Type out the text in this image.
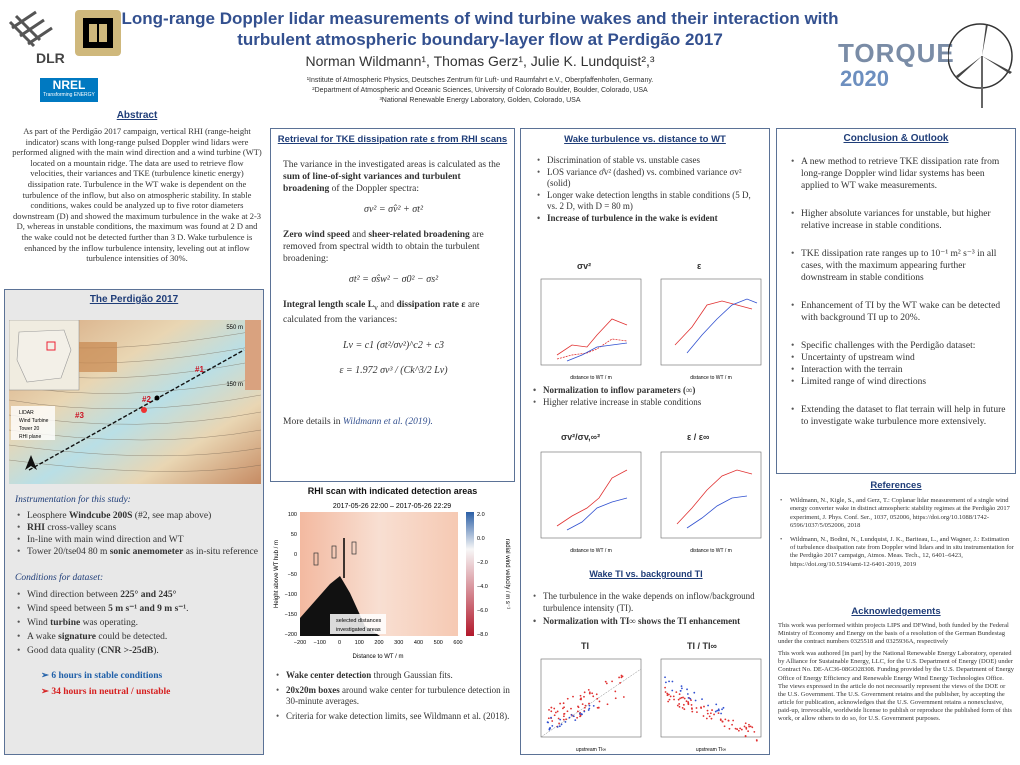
DLR
NREL
Transforming ENERGY
Long-range Doppler lidar measurements of wind turbine wakes and their interaction with
turbulent atmospheric boundary-layer flow at Perdigão 2017
Norman Wildmann¹, Thomas Gerz¹, Julie K. Lundquist²,³
¹Institute of Atmospheric Physics, Deutsches Zentrum für Luft- und Raumfahrt e.V., Oberpfaffenhofen, Germany.
²Department of Atmospheric and Oceanic Sciences, University of Colorado Boulder, Boulder, Colorado, USA
³National Renewable Energy Laboratory, Golden, Colorado, USA
TORQUE
2020
Abstract
As part of the Perdigão 2017 campaign, vertical RHI (range-height indicator) scans with long-range pulsed Doppler wind lidars were performed aligned with the main wind direction and a wind turbine (WT) located on a mountain ridge. The data are used to retrieve flow velocities, their variances and TKE (turbulence kinetic energy) dissipation rate. Turbulence in the WT wake is dependent on the turbulence of the inflow, but also on atmospheric stability. In stable conditions, wakes could be analyzed up to five rotor diameters downstream (D) and showed the maximum turbulence in the wake at 2-3 D, whereas in unstable conditions, the maximum was found at 2 D and the wake could not be detected further than 3 D. Wake turbulence is enhanced by the inflow turbulence intensity, leveling out at inflow turbulence intensities of 30%.
The Perdigão 2017
#1
#2
#3
550 m
150 m
LIDAR
Wind Turbine
Tower 20
RHI plane
Instrumentation for this study:
• Leosphere Windcube 200S (#2, see map above)
• RHI cross-valley scans
• In-line with main wind direction and WT
• Tower 20/tse04 80 m sonic anemometer as in-situ reference
Conditions for dataset:
• Wind direction between 225° and 245°
• Wind speed between 5 m s⁻¹ and 9 m s⁻¹.
• Wind turbine was operating.
• A wake signature could be detected.
• Good data quality (CNR >-25dB).
➢ 6 hours in stable conditions
➢ 34 hours in neutral / unstable
Retrieval for TKE dissipation rate ε from RHI scans

The variance in the investigated areas is calculated as the sum of line-of-sight variances and turbulent broadening of the Doppler spectra:

σv² = σ̂v² + σt²

Zero wind speed and sheer-related broadening are removed from spectral width to obtain the turbulent broadening:

σt² = σ̂sw² − σ0² − σs²

Integral length scale $L_v$ and dissipation rate ε are calculated from the variances:

Lv = c1 (σt²/σv²)^c2 + c3
ε = 1.972 σv³ / (Ck^3/2 Lv)

More details in Wildmann et al. (2019).

RHI scan with indicated detection areas
2017-05-26 22:00 – 2017-05-26 22:29
selected distances
investigated areas
−200 −100 0 100 200 300 400 500 600
100
50
0
−50
−100
−150
−200
Distance to WT / m
Height above WT hub / m
2.0
0.0
−2.0
−4.0
−6.0
−8.0
radial wind velocity / m s⁻¹
• Wake center detection through Gaussian fits.
• 20x20m boxes around wake center for turbulence detection in 30-minute averages.
• Criteria for wake detection limits, see Wildmann et al. (2018).
Wake turbulence vs. distance to WT
• Discrimination of stable vs. unstable cases
• LOS variance σ̂v² (dashed) vs. combined variance σv² (solid)
• Longer wake detection lengths in stable conditions (5 D, vs. 2 D, with D = 80 m)
• Increase of turbulence in the wake is evident
σv²	ε
distance to WT / m	distance to WT / m
• Normalization to inflow parameters (∞)
• Higher relative increase in stable conditions
σv²/σv,∞²	ε / ε∞
distance to WT / m	distance to WT / m
Wake TI vs. background TI
• The turbulence in the wake depends on inflow/background turbulence intensity (TI).
• Normalization with TI∞ shows the TI enhancement
TI	TI / TI∞
upstream TI∞	upstream TI∞
Conclusion & Outlook
• A new method to retrieve TKE dissipation rate from long-range Doppler wind lidar systems has been applied to WT wake measurements.
• Higher absolute variances for unstable, but higher relative increase in stable conditions.
• TKE dissipation rate ranges up to 10⁻¹ m² s⁻³ in all cases, with the maximum appearing further downstream in stable conditions
• Enhancement of TI by the WT wake can be detected with background TI up to 20%.
• Specific challenges with the Perdigão dataset:
• Uncertainty of upstream wind
• Interaction with the terrain
• Limited range of wind directions
• Extending the dataset to flat terrain will help in future to investigate wake turbulence more extensively.
References
• Wildmann, N., Kigle, S., and Gerz, T.: Coplanar lidar measurement of a single wind energy converter wake in distinct atmospheric stability regimes at the Perdigão 2017 experiment, J. Phys. Conf. Ser., 1037, 052006, https://doi.org/10.1088/1742-6596/1037/5/052006, 2018
• Wildmann, N., Bodini, N., Lundquist, J. K., Bariteau, L., and Wagner, J.: Estimation of turbulence dissipation rate from Doppler wind lidars and in situ instrumentation for the Perdigão 2017 campaign, Atmos. Meas. Tech., 12, 6401–6423, https://doi.org/10.5194/amt-12-6401-2019, 2019
Acknowledgements
This work was performed within projects LIPS and DFWind, both funded by the Federal Ministry of Economy and Energy on the basis of a resolution of the German Bundestag under the contract numbers 0325518 and 0325936A, respectively
This work was authored [in part] by the National Renewable Energy Laboratory, operated by Alliance for Sustainable Energy, LLC, for the U.S. Department of Energy (DOE) under Contract No. DE-AC36-08GO28308. Funding provided by the U.S. Department of Energy Office of Energy Efficiency and Renewable Energy Wind Energy Technologies Office. The views expressed in the article do not necessarily represent the views of the DOE or the U.S. Government. The U.S. Government retains and the publisher, by accepting the article for publication, acknowledges that the U.S. Government retains a nonexclusive, paid-up, irrevocable, worldwide license to publish or reproduce the published form of this work, or allow others to do so, for U.S. Government purposes.
